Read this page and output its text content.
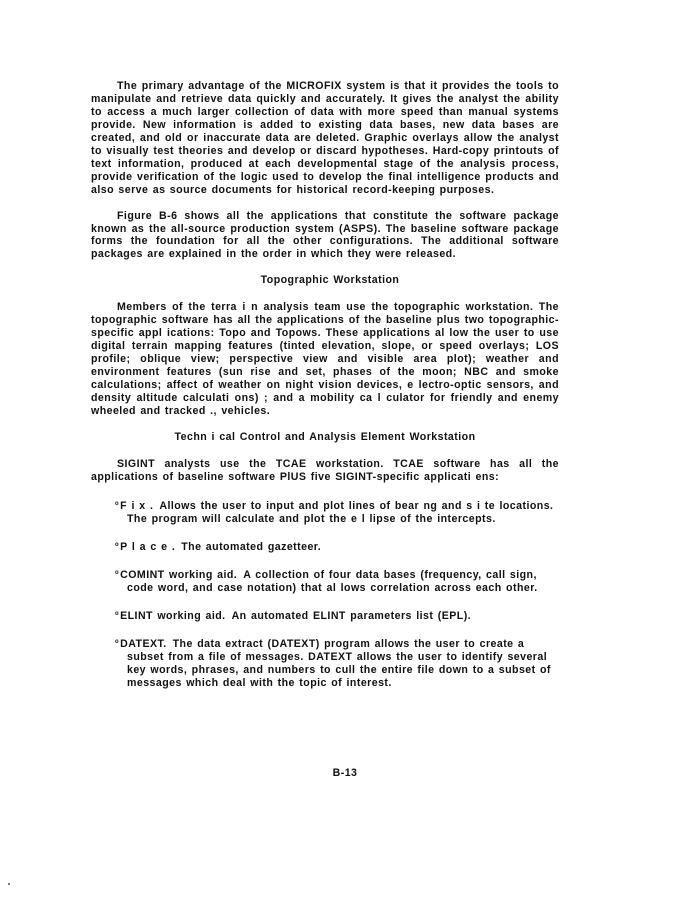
The primary advantage of the MICROFIX system is that it provides the tools to manipulate and retrieve data quickly and accurately. It gives the analyst the ability to access a much larger collection of data with more speed than manual systems provide. New information is added to existing data bases, new data bases are created, and old or inaccurate data are deleted. Graphic overlays allow the analyst to visually test theories and develop or discard hypotheses. Hard-copy printouts of text information, produced at each developmental stage of the analysis process, provide verification of the logic used to develop the final intelligence products and also serve as source documents for historical record-keeping purposes.

Figure B-6 shows all the applications that constitute the software package known as the all-source production system (ASPS). The baseline software package forms the foundation for all the other configurations. The additional software packages are explained in the order in which they were released.

Topographic Workstation

Members of the terra i n analysis team use the topographic workstation. The topographic software has all the applications of the baseline plus two topographic-specific appl ications: Topo and Topows. These applications al low the user to use digital terrain mapping features (tinted elevation, slope, or speed overlays; LOS profile; oblique view; perspective view and visible area plot); weather and environment features (sun rise and set, phases of the moon; NBC and smoke calculations; affect of weather on night vision devices, e lectro-optic sensors, and density altitude calculati ons) ; and a mobility ca l culator for friendly and enemy wheeled and tracked ., vehicles.

Techn i cal Control and Analysis Element Workstation

SIGINT analysts use the TCAE workstation. TCAE software has all the applications of baseline software PlUS five SIGINT-specific applicati ens:

$^o$F i x . Allows the user to input and plot lines of bear ng and s i te locations. The program will calculate and plot the e l lipse of the intercepts.
$^o$P l a c e . The automated gazetteer.
$^o$COMINT working aid. A collection of four data bases (frequency, call sign, code word, and case notation) that al lows correlation across each other.
$^o$ELINT working aid. An automated ELINT parameters list (EPL).
$^o$DATEXT. The data extract (DATEXT) program allows the user to create a subset from a file of messages. DATEXT allows the user to identify several key words, phrases, and numbers to cull the entire file down to a subset of messages which deal with the topic of interest.
B-13
